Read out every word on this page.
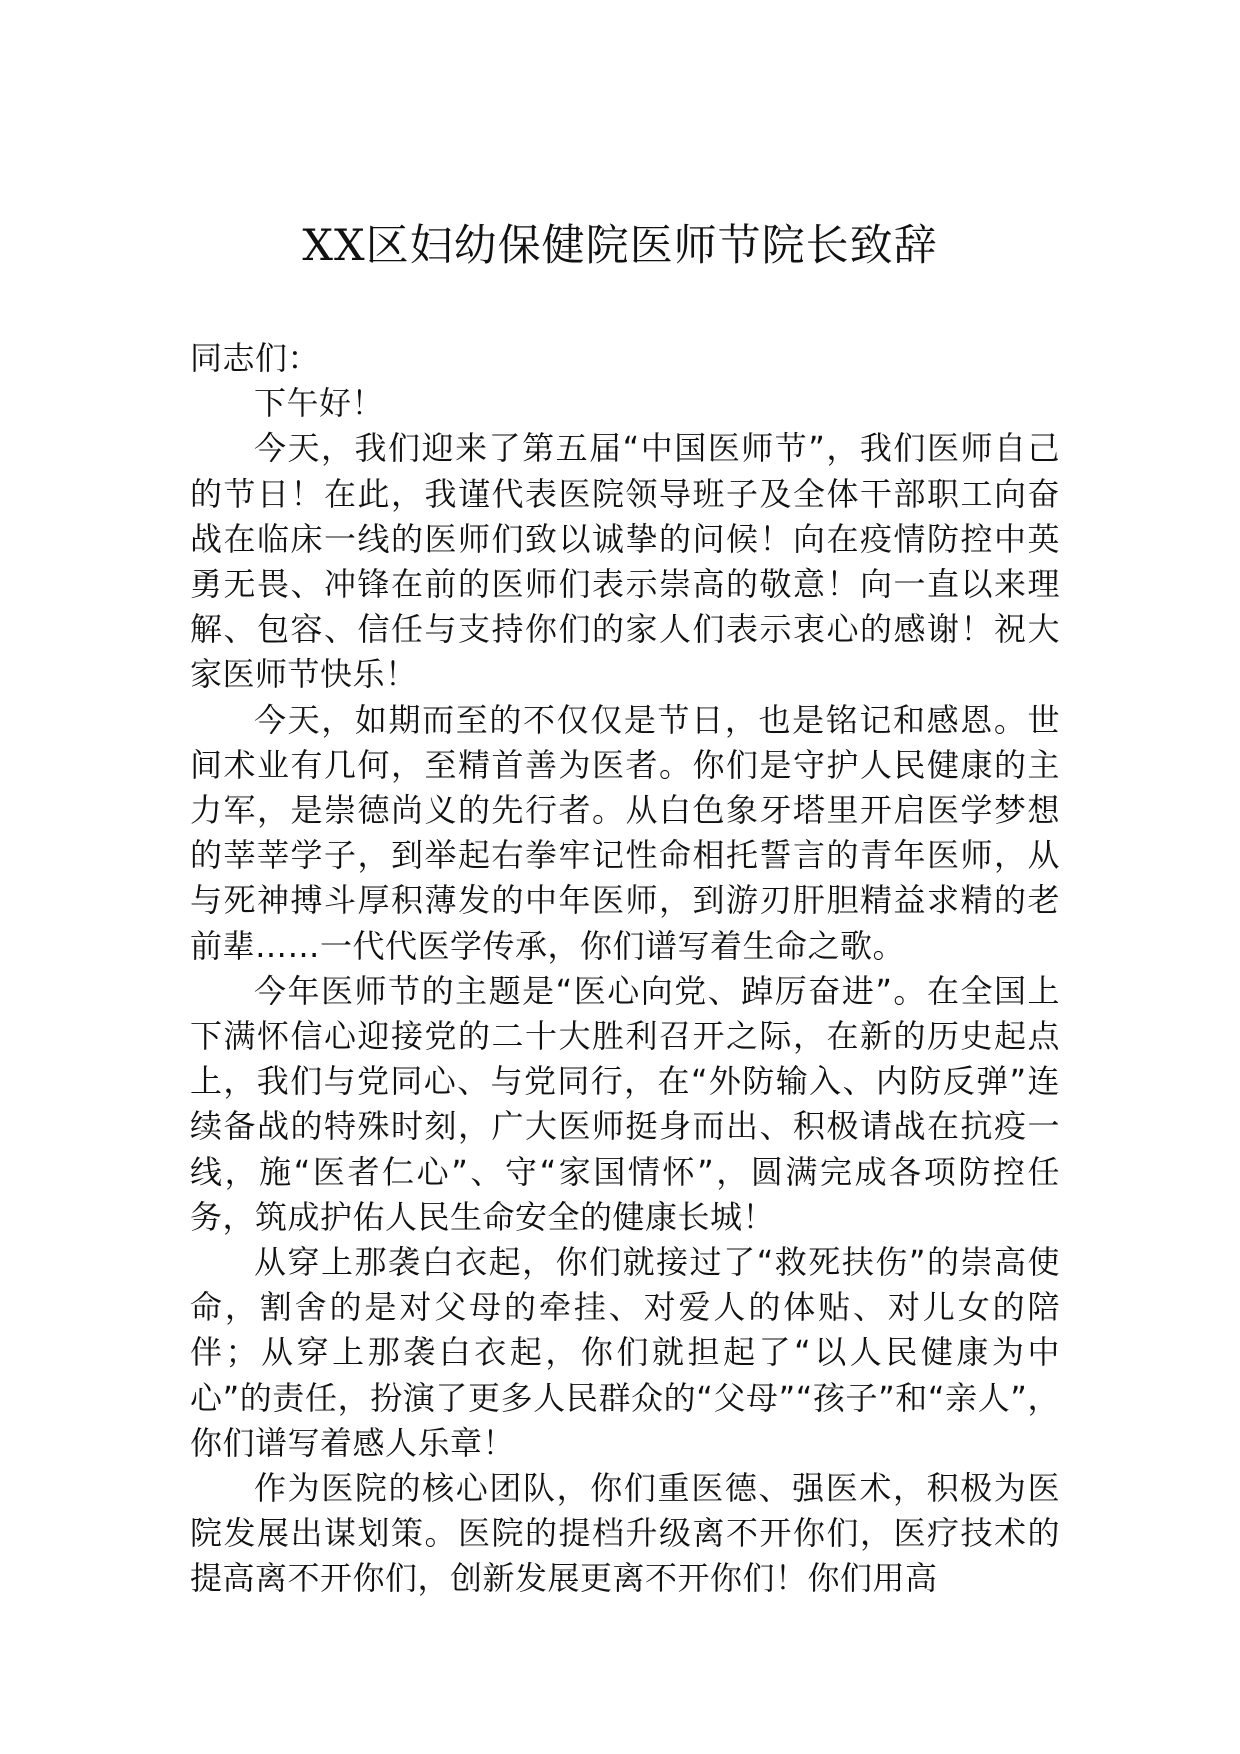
XX区妇幼保健院医师节院长致辞

同志们：

下午好！

今天，我们迎来了第五届“中国医师节”，我们医师自己的节日！在此，我谨代表医院领导班子及全体干部职工向奋战在临床一线的医师们致以诚挚的问候！向在疫情防控中英勇无畏、冲锋在前的医师们表示崇高的敬意！向一直以来理解、包容、信任与支持你们的家人们表示衷心的感谢！祝大家医师节快乐！

今天，如期而至的不仅仅是节日，也是铭记和感恩。世间术业有几何，至精首善为医者。你们是守护人民健康的主力军，是崇德尚义的先行者。从白色象牙塔里开启医学梦想的莘莘学子，到举起右拳牢记性命相托誓言的青年医师，从与死神搏斗厚积薄发的中年医师，到游刃肝胆精益求精的老前辈……一代代医学传承，你们谱写着生命之歌。

今年医师节的主题是“医心向党、踔厉奋进”。在全国上下满怀信心迎接党的二十大胜利召开之际，在新的历史起点上，我们与党同心、与党同行，在“外防输入、内防反弹”连续备战的特殊时刻，广大医师挺身而出、积极请战在抗疫一线，施“医者仁心”、守“家国情怀”，圆满完成各项防控任务，筑成护佑人民生命安全的健康长城！

从穿上那袭白衣起，你们就接过了“救死扶伤”的崇高使命，割舍的是对父母的牵挂、对爱人的体贴、对儿女的陪伴；从穿上那袭白衣起，你们就担起了“以人民健康为中心”的责任，扮演了更多人民群众的“父母”“孩子”和“亲人”，你们谱写着感人乐章！

作为医院的核心团队，你们重医德、强医术，积极为医院发展出谋划策。医院的提档升级离不开你们，医疗技术的提高离不开你们，创新发展更离不开你们！你们用高
